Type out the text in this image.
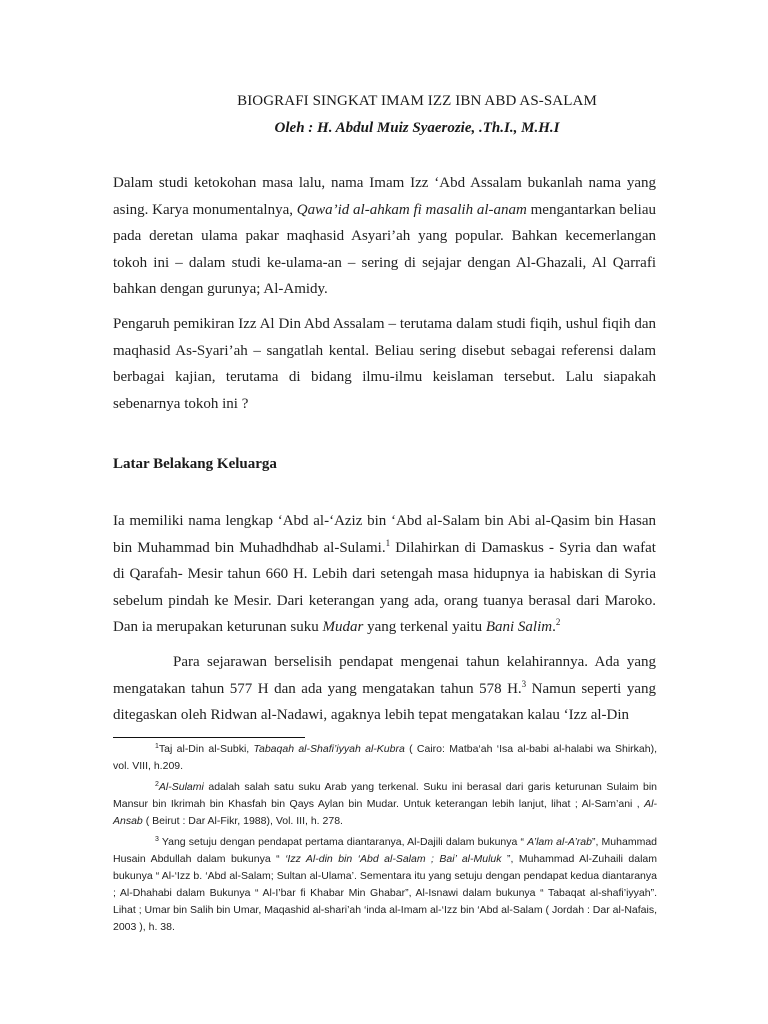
BIOGRAFI SINGKAT IMAM IZZ IBN ABD AS-SALAM
Oleh : H. Abdul Muiz Syaerozie, .Th.I., M.H.I

Dalam studi ketokohan masa lalu, nama Imam Izz ‘Abd Assalam bukanlah nama yang asing. Karya monumentalnya, Qawa’id al-ahkam fi masalih al-anam mengantarkan beliau pada deretan ulama pakar maqhasid Asyari’ah yang popular. Bahkan kecemerlangan tokoh ini – dalam studi ke-ulama-an – sering di sejajar dengan Al-Ghazali, Al Qarrafi bahkan dengan gurunya; Al-Amidy.

Pengaruh pemikiran Izz Al Din Abd Assalam – terutama dalam studi fiqih, ushul fiqih dan maqhasid As-Syari’ah – sangatlah kental. Beliau sering disebut sebagai referensi dalam berbagai kajian, terutama di bidang ilmu-ilmu keislaman tersebut. Lalu siapakah sebenarnya tokoh ini ?

Latar Belakang Keluarga

Ia memiliki nama lengkap ‘Abd al-‘Aziz bin ‘Abd al-Salam bin Abi al-Qasim bin Hasan bin Muhammad bin Muhadhdhab al-Sulami.$^1$ Dilahirkan di Damaskus - Syria dan wafat di Qarafah- Mesir tahun 660 H. Lebih dari setengah masa hidupnya ia habiskan di Syria sebelum pindah ke Mesir. Dari keterangan yang ada, orang tuanya berasal dari Maroko. Dan ia merupakan keturunan suku Mudar yang terkenal yaitu Bani Salim.$^2$

Para sejarawan berselisih pendapat mengenai tahun kelahirannya. Ada yang mengatakan tahun 577 H dan ada yang mengatakan tahun 578 H.$^3$ Namun seperti yang ditegaskan oleh Ridwan al-Nadawi, agaknya lebih tepat mengatakan kalau ‘Izz al-Din

$^1$Taj al-Din al-Subki, Tabaqah al-Shafi’iyyah al-Kubra ( Cairo: Matba‘ah ‘Isa al-babi al-halabi wa Shirkah), vol. VIII, h.209.

$^2$Al-Sulami adalah salah satu suku Arab yang terkenal. Suku ini berasal dari garis keturunan Sulaim bin Mansur bin Ikrimah bin Khasfah bin Qays Aylan bin Mudar. Untuk keterangan lebih lanjut, lihat ; Al-Sam’ani , Al-Ansab ( Beirut : Dar Al-Fikr, 1988), Vol. III, h. 278.

$^3$ Yang setuju dengan pendapat pertama diantaranya, Al-Dajili dalam bukunya “ A’lam al-A’rab”, Muhammad Husain Abdullah dalam bukunya “ ‘Izz Al-din bin ‘Abd al-Salam ; Bai’ al-Muluk ”, Muhammad Al-Zuhaili dalam bukunya “ Al-‘Izz b. ‘Abd al-Salam; Sultan al-Ulama’. Sementara itu yang setuju dengan pendapat kedua diantaranya ; Al-Dhahabi dalam Bukunya “ Al-I’bar fi Khabar Min Ghabar”, Al-Isnawi dalam bukunya “ Tabaqat al-shafi’iyyah”. Lihat ; Umar bin Salih bin Umar, Maqashid al-shari’ah ‘inda al-Imam al-‘Izz bin ‘Abd al-Salam ( Jordah : Dar al-Nafais, 2003 ), h. 38.
